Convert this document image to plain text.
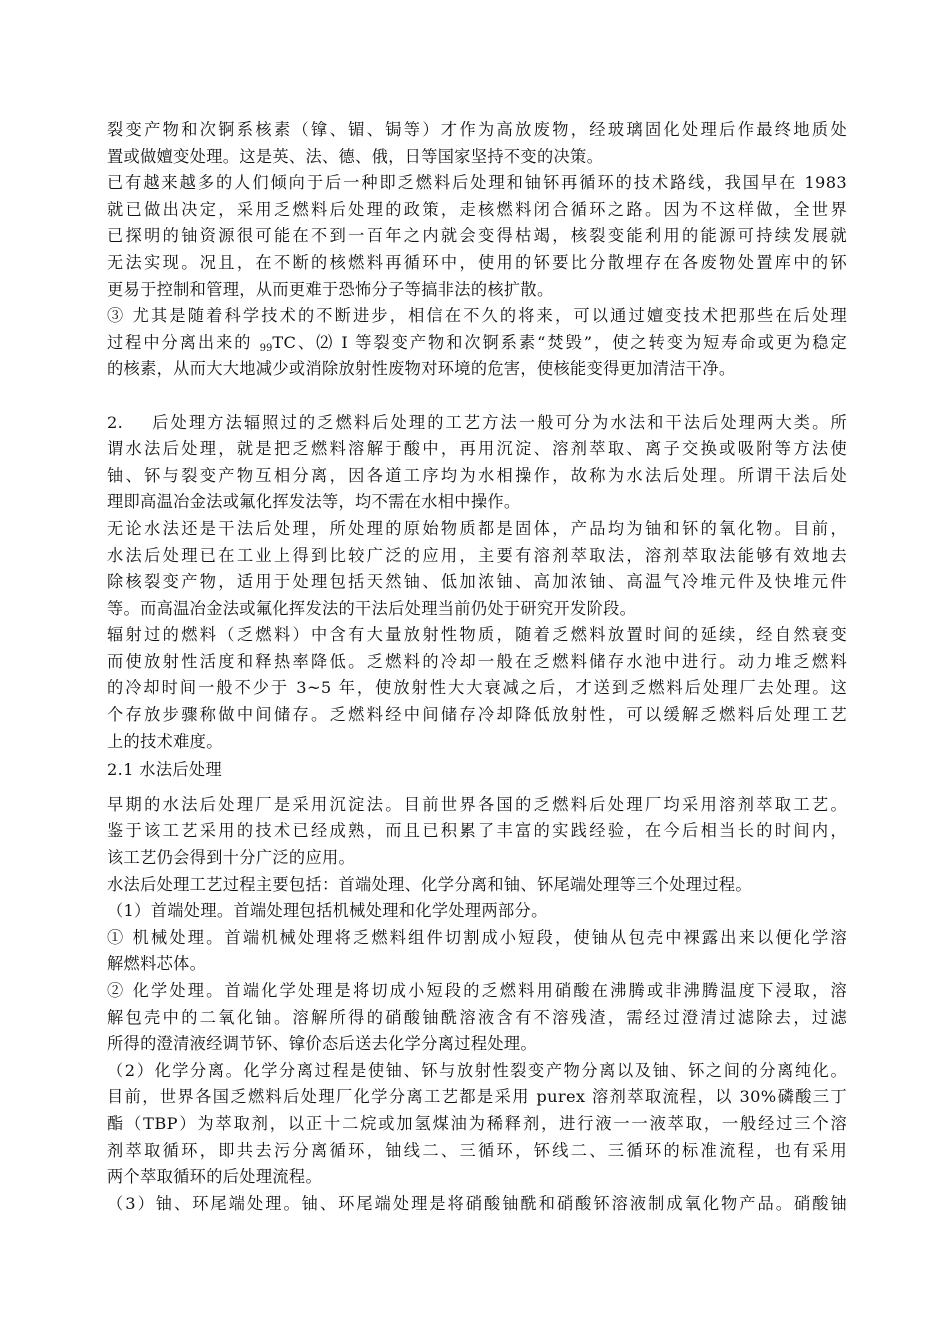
裂变产物和次锕系核素（镎、镅、锔等）才作为高放废物，经玻璃固化处理后作最终地质处
置或做嬗变处理。这是英、法、德、俄，日等国家坚持不变的决策。
已有越来越多的人们倾向于后一种即乏燃料后处理和铀钚再循环的技术路线，我国早在 1983
就已做出决定，采用乏燃料后处理的政策，走核燃料闭合循环之路。因为不这样做，全世界
已探明的铀资源很可能在不到一百年之内就会变得枯竭，核裂变能利用的能源可持续发展就
无法实现。况且，在不断的核燃料再循环中，使用的钚要比分散埋存在各废物处置库中的钚
更易于控制和管理，从而更难于恐怖分子等搞非法的核扩散。
③ 尤其是随着科学技术的不断进步，相信在不久的将来，可以通过嬗变技术把那些在后处理
过程中分离出来的 $_{99}$TC、⑵ I 等裂变产物和次锕系素“焚毁”，使之转变为短寿命或更为稳定
的核素，从而大大地减少或消除放射性废物对环境的危害，使核能变得更加清洁干净。
2.    后处理方法辐照过的乏燃料后处理的工艺方法一般可分为水法和干法后处理两大类。所
谓水法后处理，就是把乏燃料溶解于酸中，再用沉淀、溶剂萃取、离子交换或吸附等方法使
铀、钚与裂变产物互相分离，因各道工序均为水相操作，故称为水法后处理。所谓干法后处
理即高温冶金法或氟化挥发法等，均不需在水相中操作。
无论水法还是干法后处理，所处理的原始物质都是固体，产品均为铀和钚的氧化物。目前，
水法后处理已在工业上得到比较广泛的应用，主要有溶剂萃取法，溶剂萃取法能够有效地去
除核裂变产物，适用于处理包括天然铀、低加浓铀、高加浓铀、高温气冷堆元件及快堆元件
等。而高温冶金法或氟化挥发法的干法后处理当前仍处于研究开发阶段。
辐射过的燃料（乏燃料）中含有大量放射性物质，随着乏燃料放置时间的延续，经自然衰变
而使放射性活度和释热率降低。乏燃料的冷却一般在乏燃料储存水池中进行。动力堆乏燃料
的冷却时间一般不少于 3~5 年，使放射性大大衰减之后，才送到乏燃料后处理厂去处理。这
个存放步骤称做中间储存。乏燃料经中间储存冷却降低放射性，可以缓解乏燃料后处理工艺
上的技术难度。
2.1 水法后处理
早期的水法后处理厂是采用沉淀法。目前世界各国的乏燃料后处理厂均采用溶剂萃取工艺。
鉴于该工艺采用的技术已经成熟，而且已积累了丰富的实践经验，在今后相当长的时间内，
该工艺仍会得到十分广泛的应用。
水法后处理工艺过程主要包括：首端处理、化学分离和铀、钚尾端处理等三个处理过程。
（1）首端处理。首端处理包括机械处理和化学处理两部分。
① 机械处理。首端机械处理将乏燃料组件切割成小短段，使铀从包壳中裸露出来以便化学溶
解燃料芯体。
② 化学处理。首端化学处理是将切成小短段的乏燃料用硝酸在沸腾或非沸腾温度下浸取，溶
解包壳中的二氧化铀。溶解所得的硝酸铀酰溶液含有不溶残渣，需经过澄清过滤除去，过滤
所得的澄清液经调节钚、镎价态后送去化学分离过程处理。
（2）化学分离。化学分离过程是使铀、钚与放射性裂变产物分离以及铀、钚之间的分离纯化。
目前，世界各国乏燃料后处理厂化学分离工艺都是采用 purex 溶剂萃取流程，以 30%磷酸三丁
酯（TBP）为萃取剂，以正十二烷或加氢煤油为稀释剂，进行液一一液萃取，一般经过三个溶
剂萃取循环，即共去污分离循环，铀线二、三循环，钚线二、三循环的标准流程，也有采用
两个萃取循环的后处理流程。
（3）铀、环尾端处理。铀、环尾端处理是将硝酸铀酰和硝酸钚溶液制成氧化物产品。硝酸铀
